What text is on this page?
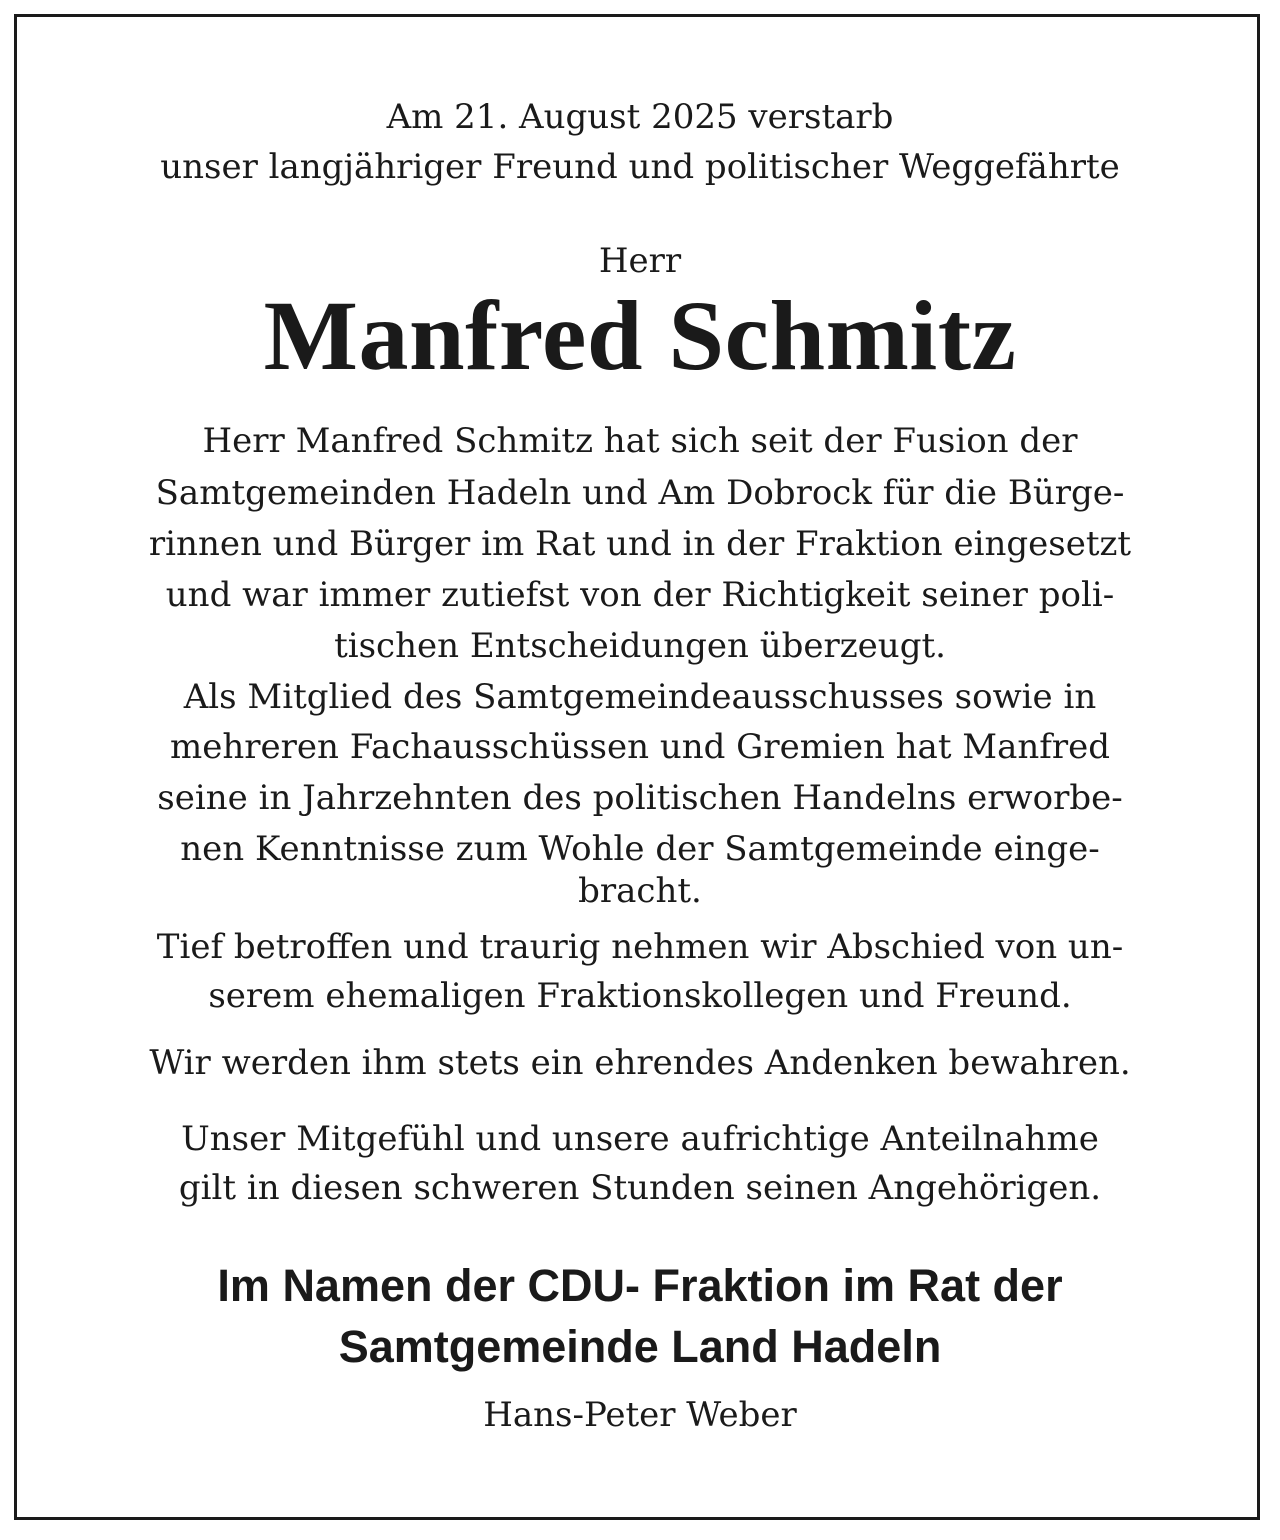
Am 21. August 2025 verstarb
unser langjähriger Freund und politischer Weggefährte
Herr
Manfred Schmitz
Herr Manfred Schmitz hat sich seit der Fusion der
Samtgemeinden Hadeln und Am Dobrock für die Bürge-
rinnen und Bürger im Rat und in der Fraktion eingesetzt
und war immer zutiefst von der Richtigkeit seiner poli-
tischen Entscheidungen überzeugt.
Als Mitglied des Samtgemeindeausschusses sowie in
mehreren Fachausschüssen und Gremien hat Manfred
seine in Jahrzehnten des politischen Handelns erworbe-
nen Kenntnisse zum Wohle der Samtgemeinde einge-
bracht.
Tief betroffen und traurig nehmen wir Abschied von un-
serem ehemaligen Fraktionskollegen und Freund.
Wir werden ihm stets ein ehrendes Andenken bewahren.
Unser Mitgefühl und unsere aufrichtige Anteilnahme
gilt in diesen schweren Stunden seinen Angehörigen.
Im Namen der CDU- Fraktion im Rat der
Samtgemeinde Land Hadeln
Hans-Peter Weber
